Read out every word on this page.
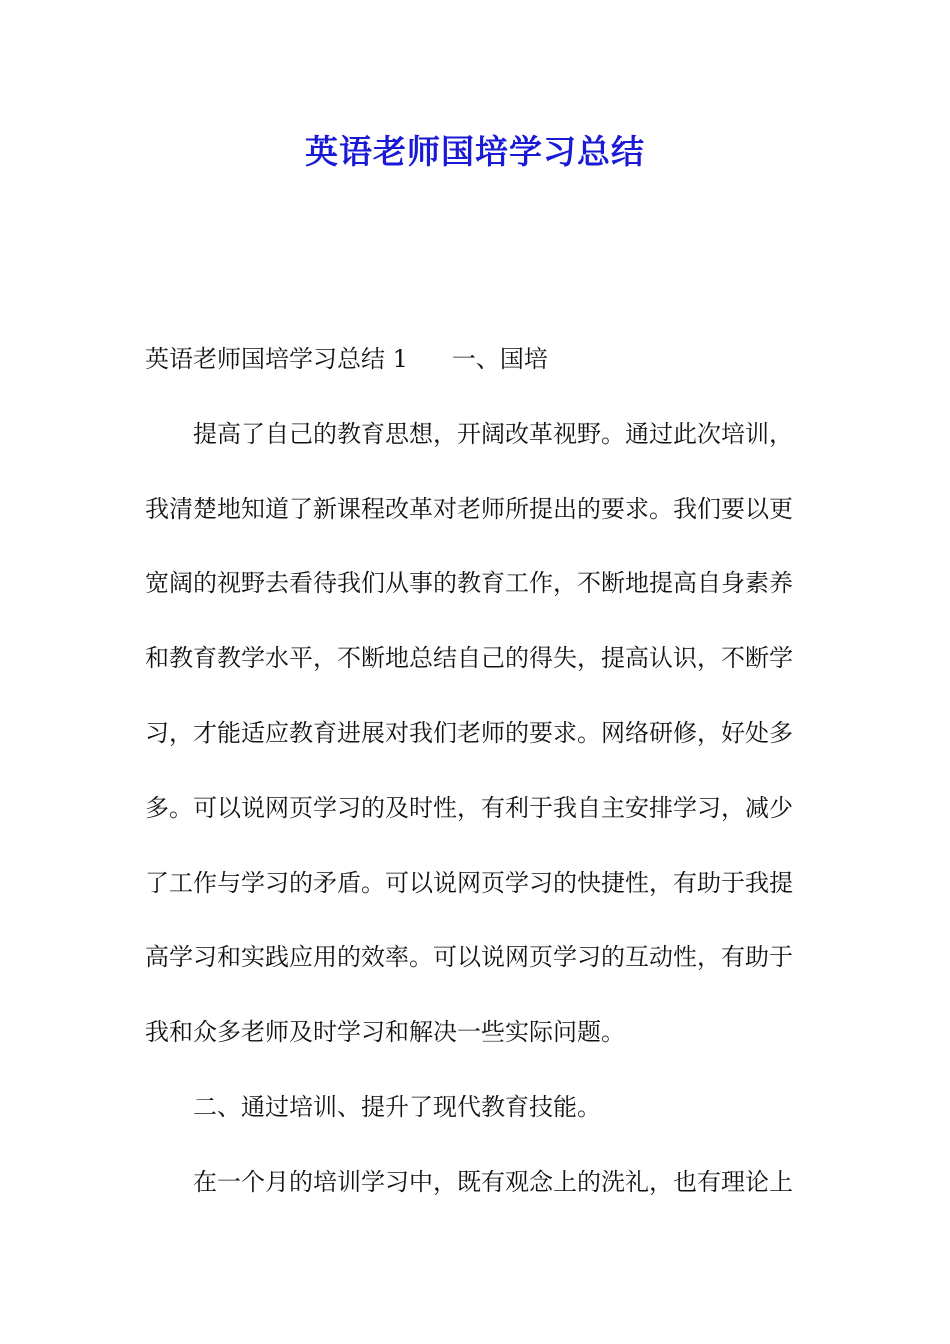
英语老师国培学习总结
英语老师国培学习总结 1 一、国培
提高了自己的教育思想，开阔改革视野。通过此次培训，
我清楚地知道了新课程改革对老师所提出的要求。我们要以更
宽阔的视野去看待我们从事的教育工作，不断地提高自身素养
和教育教学水平，不断地总结自己的得失，提高认识，不断学
习，才能适应教育进展对我们老师的要求。网络研修，好处多
多。可以说网页学习的及时性，有利于我自主安排学习，减少
了工作与学习的矛盾。可以说网页学习的快捷性，有助于我提
高学习和实践应用的效率。可以说网页学习的互动性，有助于
我和众多老师及时学习和解决一些实际问题。
二、通过培训、提升了现代教育技能。
在一个月的培训学习中，既有观念上的洗礼，也有理论上
